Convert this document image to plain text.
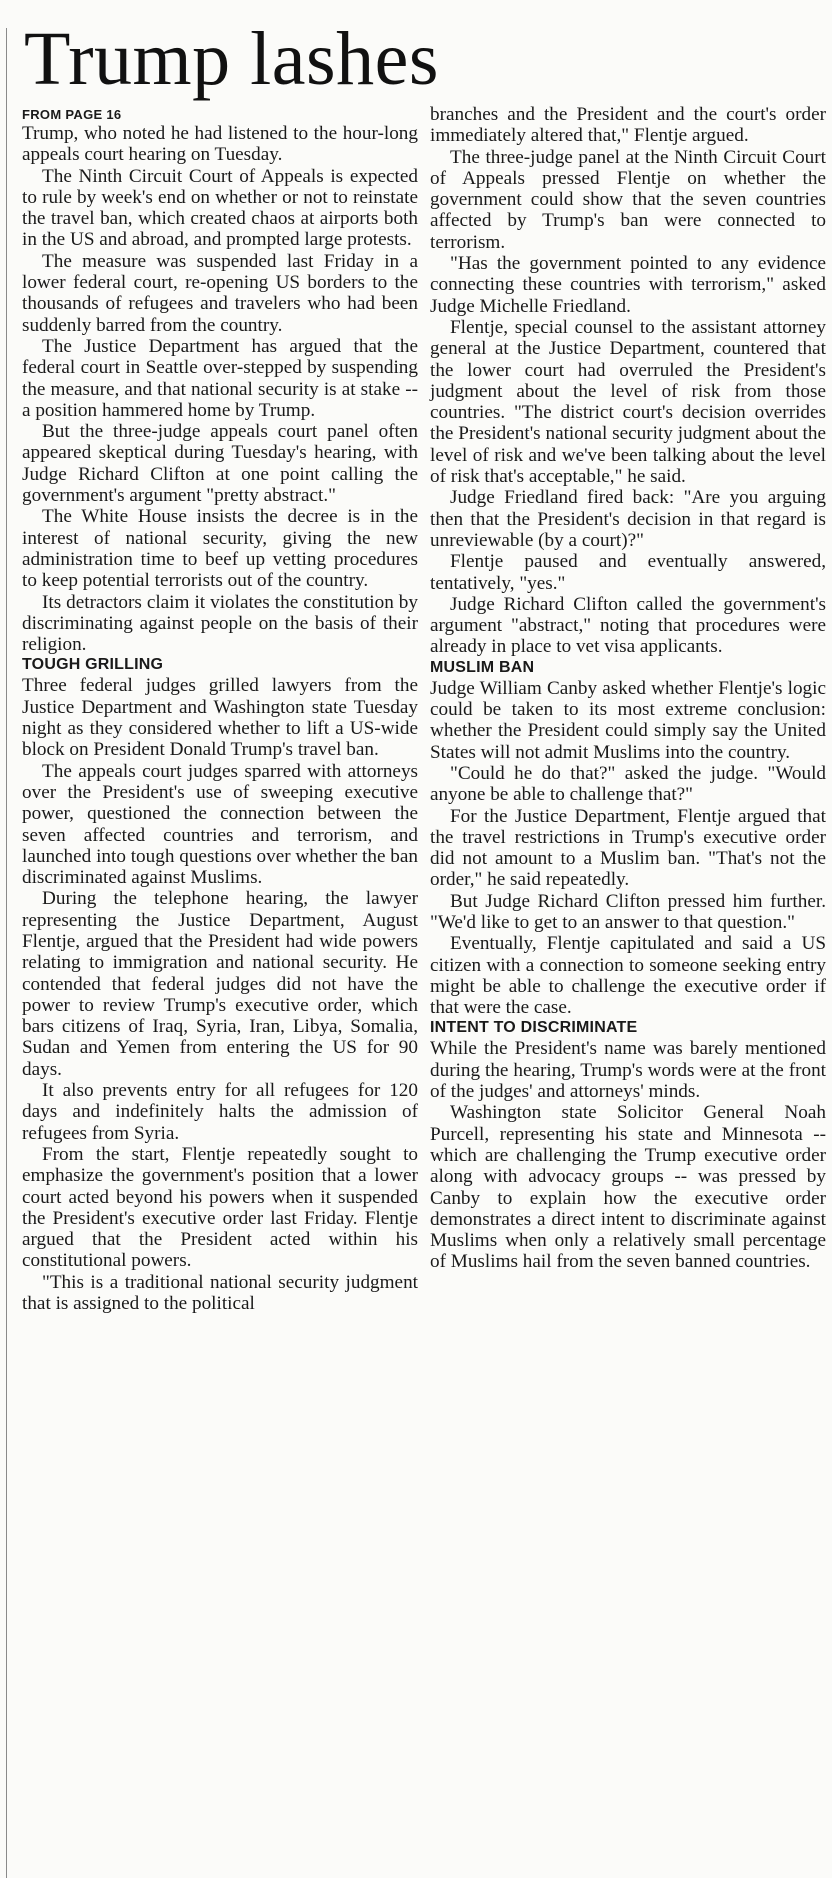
Trump lashes
FROM PAGE 16

Trump, who noted he had listened to the hour-long appeals court hearing on Tuesday.

The Ninth Circuit Court of Appeals is expected to rule by week's end on whether or not to reinstate the travel ban, which created chaos at airports both in the US and abroad, and prompted large protests.

The measure was suspended last Friday in a lower federal court, re-opening US borders to the thousands of refugees and travelers who had been suddenly barred from the country.

The Justice Department has argued that the federal court in Seattle over-stepped by suspending the measure, and that national security is at stake -- a position hammered home by Trump.

But the three-judge appeals court panel often appeared skeptical during Tuesday's hearing, with Judge Richard Clifton at one point calling the government's argument "pretty abstract."

The White House insists the decree is in the interest of national security, giving the new administration time to beef up vetting procedures to keep potential terrorists out of the country.

Its detractors claim it violates the constitution by discriminating against people on the basis of their religion.

TOUGH GRILLING

Three federal judges grilled lawyers from the Justice Department and Washington state Tuesday night as they considered whether to lift a US-wide block on President Donald Trump's travel ban.

The appeals court judges sparred with attorneys over the President's use of sweeping executive power, questioned the connection between the seven affected countries and terrorism, and launched into tough questions over whether the ban discriminated against Muslims.

During the telephone hearing, the lawyer representing the Justice Department, August Flentje, argued that the President had wide powers relating to immigration and national security. He contended that federal judges did not have the power to review Trump's executive order, which bars citizens of Iraq, Syria, Iran, Libya, Somalia, Sudan and Yemen from entering the US for 90 days.

It also prevents entry for all refugees for 120 days and indefinitely halts the admission of refugees from Syria.

From the start, Flentje repeatedly sought to emphasize the government's position that a lower court acted beyond his powers when it suspended the President's executive order last Friday. Flentje argued that the President acted within his constitutional powers.

"This is a traditional national security judgment that is assigned to the political

branches and the President and the court's order immediately altered that," Flentje argued.

The three-judge panel at the Ninth Circuit Court of Appeals pressed Flentje on whether the government could show that the seven countries affected by Trump's ban were connected to terrorism.

"Has the government pointed to any evidence connecting these countries with terrorism," asked Judge Michelle Friedland.

Flentje, special counsel to the assistant attorney general at the Justice Department, countered that the lower court had overruled the President's judgment about the level of risk from those countries. "The district court's decision overrides the President's national security judgment about the level of risk and we've been talking about the level of risk that's acceptable," he said.

Judge Friedland fired back: "Are you arguing then that the President's decision in that regard is unreviewable (by a court)?"

Flentje paused and eventually answered, tentatively, "yes."

Judge Richard Clifton called the government's argument "abstract," noting that procedures were already in place to vet visa applicants.

MUSLIM BAN

Judge William Canby asked whether Flentje's logic could be taken to its most extreme conclusion: whether the President could simply say the United States will not admit Muslims into the country.

"Could he do that?" asked the judge. "Would anyone be able to challenge that?"

For the Justice Department, Flentje argued that the travel restrictions in Trump's executive order did not amount to a Muslim ban. "That's not the order," he said repeatedly.

But Judge Richard Clifton pressed him further. "We'd like to get to an answer to that question."

Eventually, Flentje capitulated and said a US citizen with a connection to someone seeking entry might be able to challenge the executive order if that were the case.

INTENT TO DISCRIMINATE

While the President's name was barely mentioned during the hearing, Trump's words were at the front of the judges' and attorneys' minds.

Washington state Solicitor General Noah Purcell, representing his state and Minnesota -- which are challenging the Trump executive order along with advocacy groups -- was pressed by Canby to explain how the executive order demonstrates a direct intent to discriminate against Muslims when only a relatively small percentage of Muslims hail from the seven banned countries.
